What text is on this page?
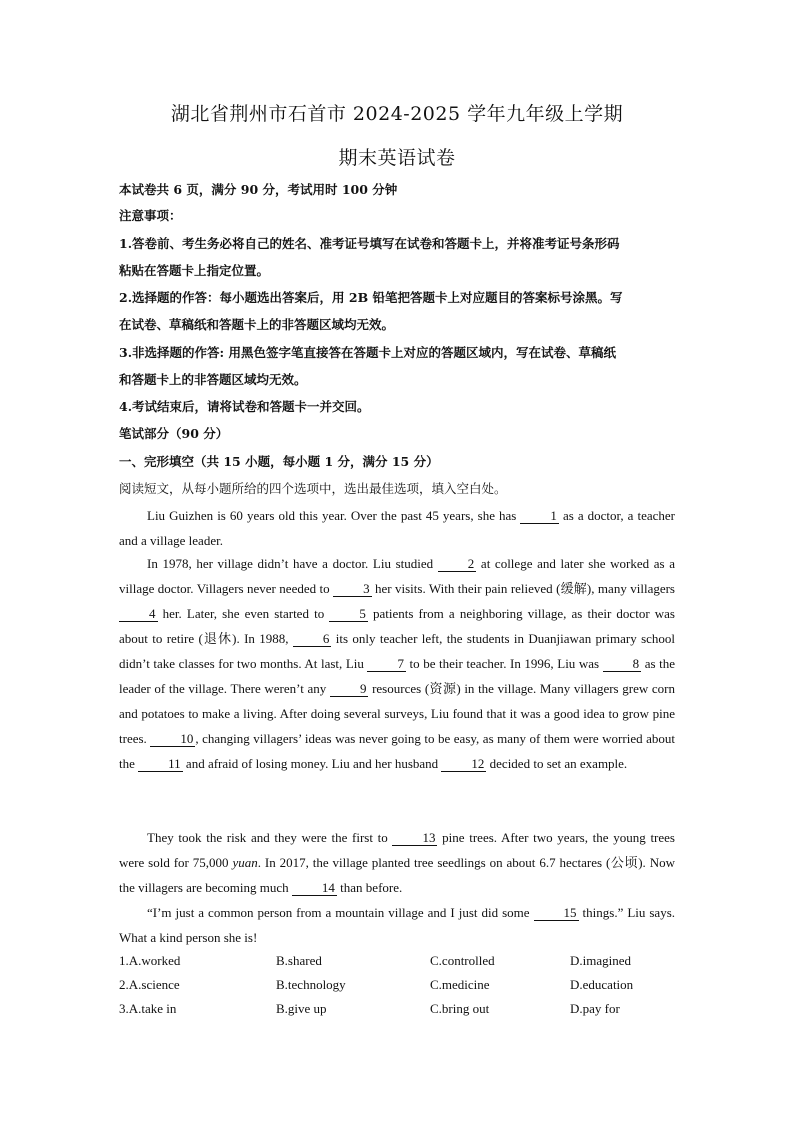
湖北省荆州市石首市 2024-2025 学年九年级上学期
期末英语试卷
本试卷共 6 页，满分 90 分，考试用时 100 分钟
注意事项：
1.答卷前、考生务必将自己的姓名、准考证号填写在试卷和答题卡上，并将准考证号条形码
粘贴在答题卡上指定位置。
2.选择题的作答：每小题选出答案后，用 2B 铅笔把答题卡上对应题目的答案标号涂黑。写
在试卷、草稿纸和答题卡上的非答题区域均无效。
3.非选择题的作答: 用黑色签字笔直接答在答题卡上对应的答题区域内，写在试卷、草稿纸
和答题卡上的非答题区域均无效。
4.考试结束后，请将试卷和答题卡一并交回。
笔试部分（90 分）
一、完形填空（共 15 小题，每小题 1 分，满分 15 分）
阅读短文，从每小题所给的四个选项中，选出最佳选项，填入空白处。
Liu Guizhen is 60 years old this year. Over the past 45 years, she has 1 as a doctor, a teacher and a village leader.
In 1978, her village didn’t have a doctor. Liu studied 2 at college and later she worked as a village doctor. Villagers never needed to 3 her visits. With their pain relieved (缓解), many villagers 4 her. Later, she even started to 5 patients from a neighboring village, as their doctor was about to retire (退休). In 1988, 6 its only teacher left, the students in Duanjiawan primary school didn’t take classes for two months. At last, Liu 7 to be their teacher. In 1996, Liu was 8 as the leader of the village. There weren’t any 9 resources (资源) in the village. Many villagers grew corn and potatoes to make a living. After doing several surveys, Liu found that it was a good idea to grow pine trees. 10 , changing villagers’ ideas was never going to be easy, as many of them were worried about the 11 and afraid of losing money. Liu and her husband 12 decided to set an example.
They took the risk and they were the first to 13 pine trees. After two years, the young trees were sold for 75,000 yuan. In 2017, the village planted tree seedlings on about 6.7 hectares (公顷). Now the villagers are becoming much 14 than before.
“I’m just a common person from a mountain village and I just did some 15 things.” Liu says. What a kind person she is!
1.A.worked	B.shared	C.controlled	D.imagined
2.A.science	B.technology	C.medicine	D.education
3.A.take in	B.give up	C.bring out	D.pay for
